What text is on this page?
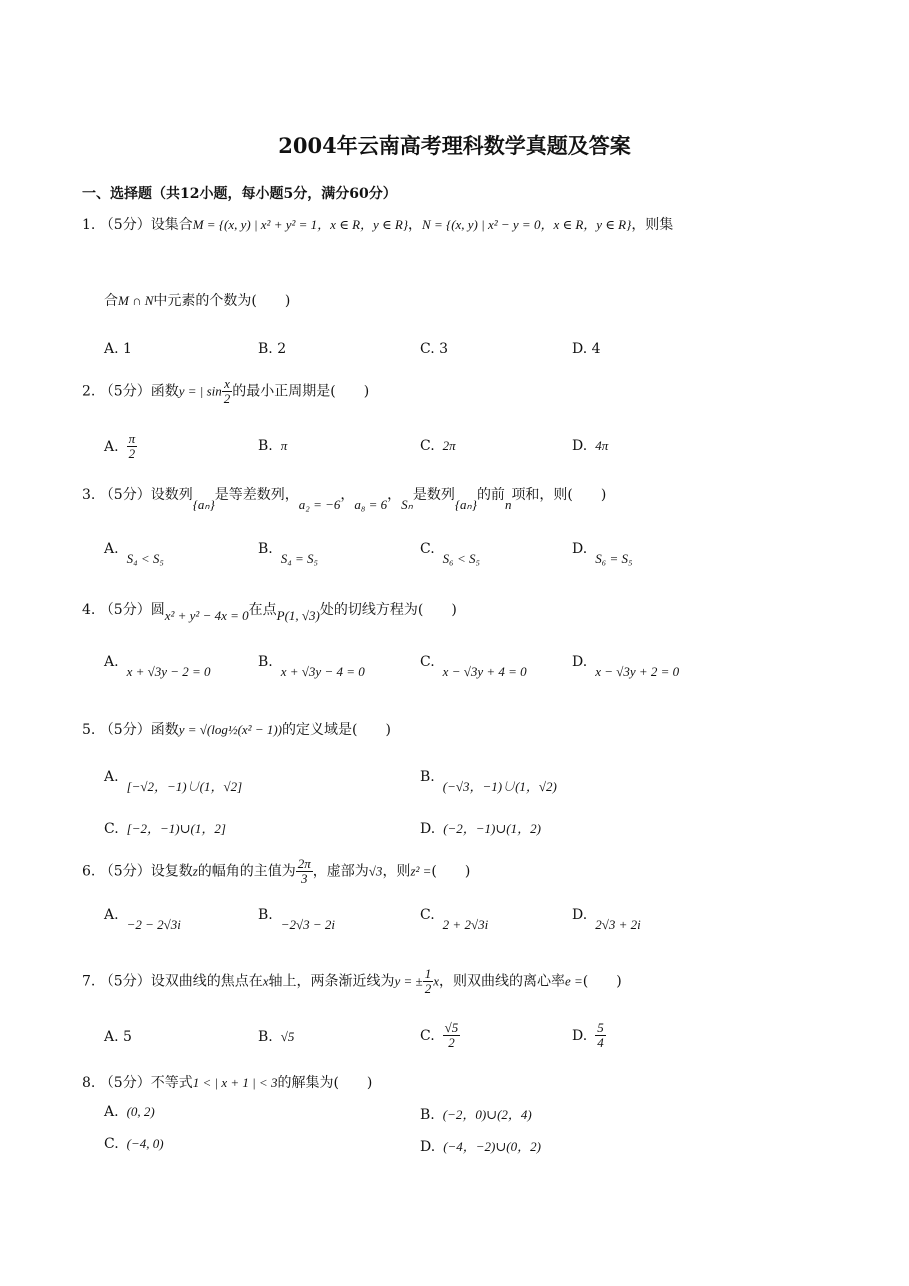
2004年云南高考理科数学真题及答案
一、选择题（共12小题，每小题5分，满分60分）
1. （5分）设集合M = {(x, y) | x² + y² = 1，x ∈ R，y ∈ R}，N = {(x, y) | x² − y = 0，x ∈ R，y ∈ R}，则集
合M ∩ N中元素的个数为(　　)
A. 1	B. 2	C. 3	D. 4
2. （5分）函数y = | $\sin \frac{x}{2}$ 的最小正周期是(　　)
A. $\frac{\pi}{2}$	B. π	C. 2π	D. 4π
3. （5分）设数列{aₙ}是等差数列，a₂ = −6，a₈ = 6，Sₙ是数列{aₙ}的前n项和，则(　　)
A.S₄ < S₅
B.S₄ = S₅
C.S₆ < S₅
D.S₆ = S₅
4. （5分）圆x² + y² − 4x = 0在点P(1, √3)处的切线方程为(　　)
A.x + √3y − 2 = 0
B.x + √3y − 4 = 0
C.x − √3y + 4 = 0
D.x − √3y + 2 = 0
5. （5分）函数y = √(log½(x² − 1))的定义域是(　　)
A.[−√2，−1)∪(1，√2]
B.(−√3，−1)∪(1，√2)
C. [−2，−1)∪(1，2]	D. (−2，−1)∪(1，2)
6. （5分）设复数z的幅角的主值为 $\frac{2\pi}{3}$ ，虚部为√3，则z² =(　　)
A.−2 − 2√3i
B.−2√3 − 2i
C.2 + 2√3i
D.2√3 + 2i
7. （5分）设双曲线的焦点在x轴上，两条渐近线为y = ± $\frac{1}{2}$ x，则双曲线的离心率e =(　　)
A. 5	B. √5	C. $\frac{√5}{2}$	D. $\frac{5}{4}$
8. （5分）不等式1 < | x + 1 | < 3的解集为(　　)
A. (0, 2)	B. (−2，0)∪(2，4)
C. (−4, 0)	D. (−4，−2)∪(0，2)
